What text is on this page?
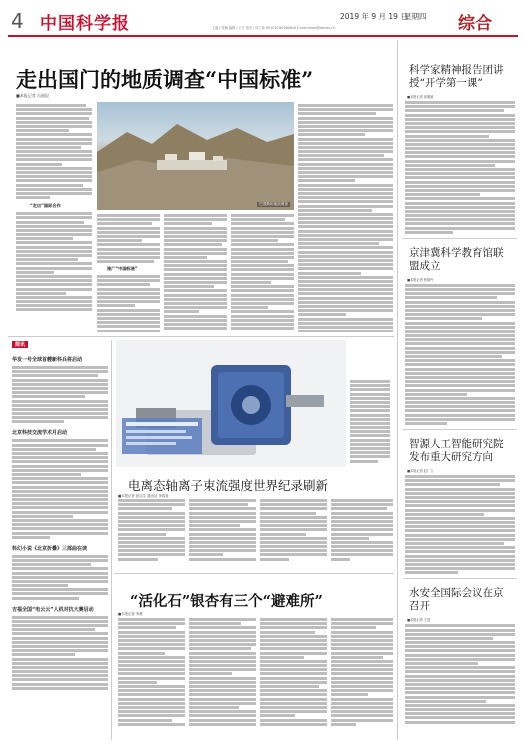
4 中国科学报	2019 年 9 月 19 日
星期四
主编 / 张楠 编辑 / 王方 校对 / 何工菊 Tel:(010)62580618 E-mail:news@stimes.cn	综合
走出国门的地质调查“中国标准”
■本报记者 冯丽妃
“走出”国际合作	巴基斯坦地质调查
推广“中国标准”
简讯
华发一号全球首艘新科兵将启动
北京科技交流学术月启动
科幻小说《北京折叠》三部曲在读
吉福全国“电云云”人机对抗大赛启动
电离态轴离子束流强度世界纪录刷新
■本报记者 彭启生 通讯员 李春喜
“活化石”银杏有三个“避难所”
■本报记者 李晨
科学家精神报告团讲授“开学第一课”
■本报记者 高雅丽
京津冀科学教育馆联盟成立
■本报记者 张晴丹
智源人工智能研究院发布重大研究方向
■本报记者 赵广立
水安全国际会议在京召开
■本报记者 王进
